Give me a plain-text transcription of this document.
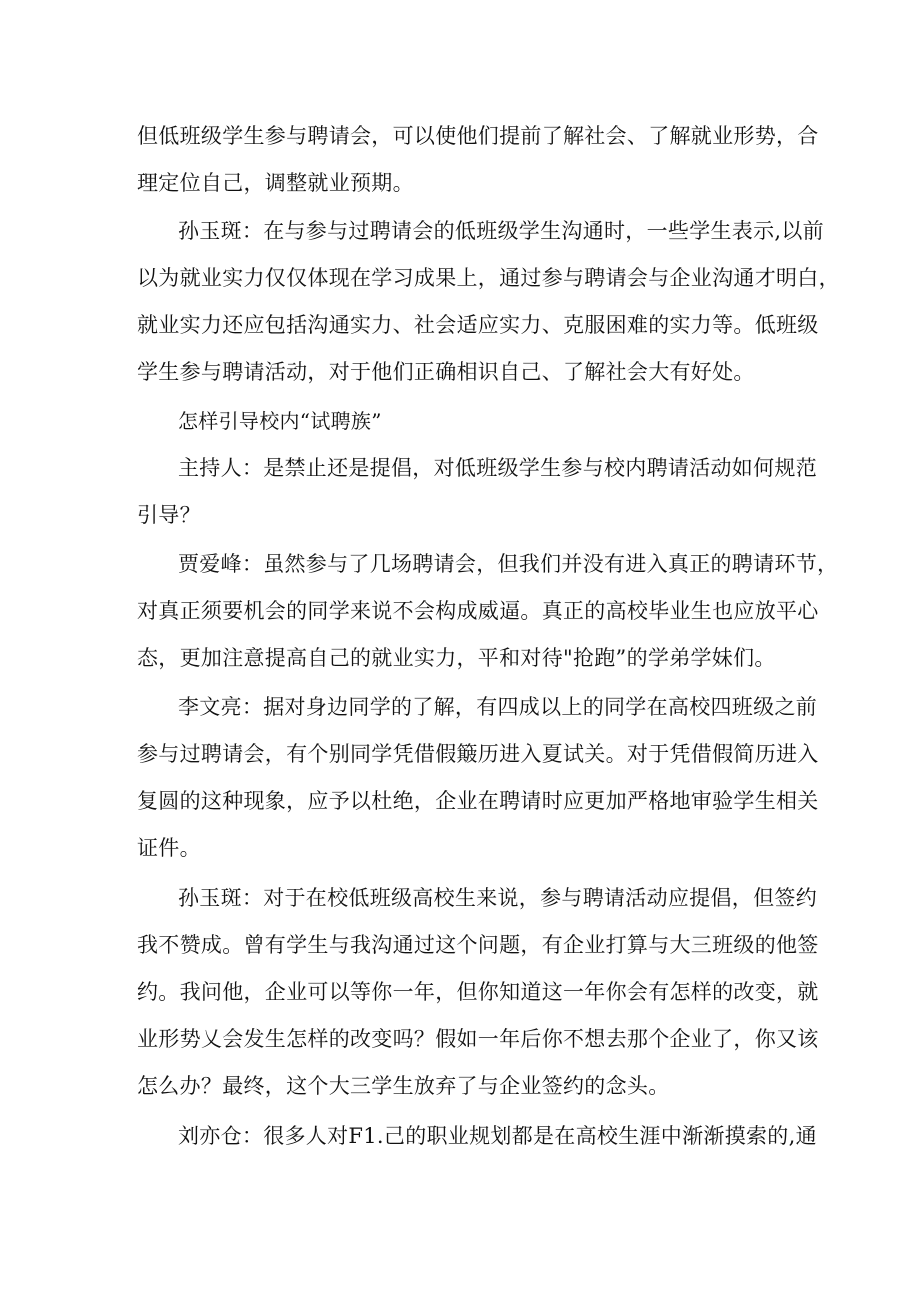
但低班级学生参与聘请会，可以使他们提前了解社会、了解就业形势，合
理定位自己，调整就业预期。
孙玉斑：在与参与过聘请会的低班级学生沟通时，一些学生表示,以前
以为就业实力仅仅体现在学习成果上，通过参与聘请会与企业沟通才明白，
就业实力还应包括沟通实力、社会适应实力、克服困难的实力等。低班级
学生参与聘请活动，对于他们正确相识自己、了解社会大有好处。
怎样引导校内“试聘族”
主持人：是禁止还是提倡，对低班级学生参与校内聘请活动如何规范
引导？
贾爱峰：虽然参与了几场聘请会，但我们并没有进入真正的聘请环节，
对真正须要机会的同学来说不会构成威逼。真正的高校毕业生也应放平心
态，更加注意提高自己的就业实力，平和对待"抢跑”的学弟学妹们。
李文亮：据对身边同学的了解，有四成以上的同学在高校四班级之前
参与过聘请会，有个别同学凭借假簸历进入夏试关。对于凭借假简历进入
复圆的这种现象，应予以杜绝，企业在聘请时应更加严格地审验学生相关
证件。
孙玉斑：对于在校低班级高校生来说，参与聘请活动应提倡，但签约
我不赞成。曾有学生与我沟通过这个问题，有企业打算与大三班级的他签
约。我问他，企业可以等你一年，但你知道这一年你会有怎样的改变，就
业形势乂会发生怎样的改变吗？假如一年后你不想去那个企业了，你又该
怎么办？最终，这个大三学生放弃了与企业签约的念头。
刘亦仓：很多人对F1.己的职业规划都是在高校生涯中渐渐摸索的,通
